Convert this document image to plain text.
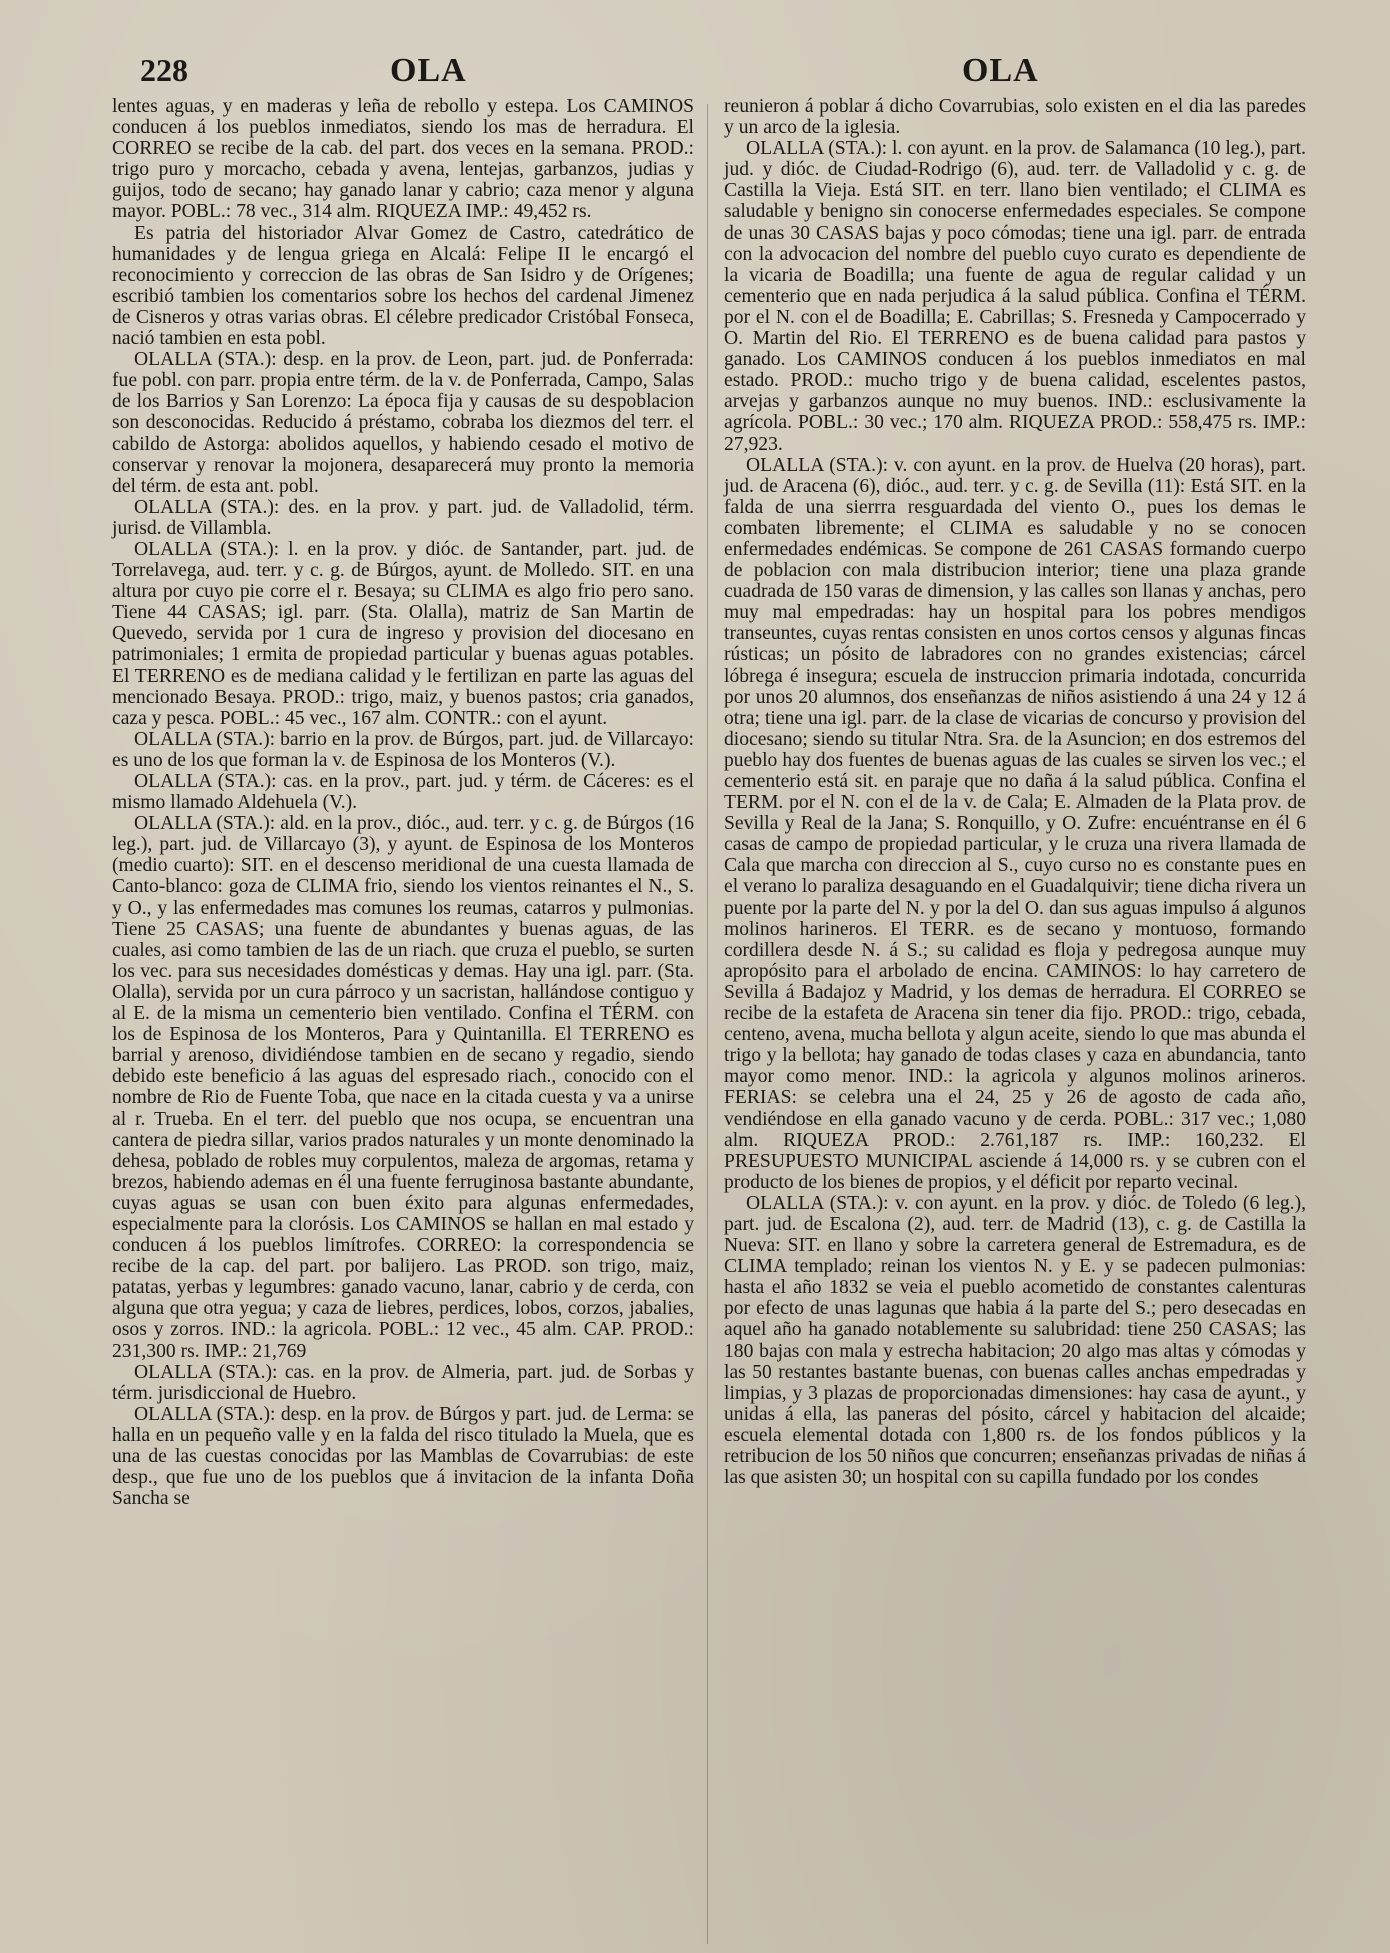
228	OLA	OLA

lentes aguas, y en maderas y leña de rebollo y estepa. Los CAMINOS conducen á los pueblos inmediatos, siendo los mas de herradura. El CORREO se recibe de la cab. del part. dos veces en la semana. PROD.: trigo puro y morcacho, cebada y avena, lentejas, garbanzos, judias y guijos, todo de secano; hay ganado lanar y cabrio; caza menor y alguna mayor. POBL.: 78 vec., 314 alm. RIQUEZA IMP.: 49,452 rs.

Es patria del historiador Alvar Gomez de Castro, catedrático de humanidades y de lengua griega en Alcalá: Felipe II le encargó el reconocimiento y correccion de las obras de San Isidro y de Orígenes; escribió tambien los comentarios sobre los hechos del cardenal Jimenez de Cisneros y otras varias obras. El célebre predicador Cristóbal Fonseca, nació tambien en esta pobl.

OLALLA (STA.): desp. en la prov. de Leon, part. jud. de Ponferrada: fue pobl. con parr. propia entre térm. de la v. de Ponferrada, Campo, Salas de los Barrios y San Lorenzo: La época fija y causas de su despoblacion son desconocidas. Reducido á préstamo, cobraba los diezmos del terr. el cabildo de Astorga: abolidos aquellos, y habiendo cesado el motivo de conservar y renovar la mojonera, desaparecerá muy pronto la memoria del térm. de esta ant. pobl.

OLALLA (STA.): des. en la prov. y part. jud. de Valladolid, térm. jurisd. de Villambla.

OLALLA (STA.): l. en la prov. y dióc. de Santander, part. jud. de Torrelavega, aud. terr. y c. g. de Búrgos, ayunt. de Molledo. SIT. en una altura por cuyo pie corre el r. Besaya; su CLIMA es algo frio pero sano. Tiene 44 CASAS; igl. parr. (Sta. Olalla), matriz de San Martin de Quevedo, servida por 1 cura de ingreso y provision del diocesano en patrimoniales; 1 ermita de propiedad particular y buenas aguas potables. El TERRENO es de mediana calidad y le fertilizan en parte las aguas del mencionado Besaya. PROD.: trigo, maiz, y buenos pastos; cria ganados, caza y pesca. POBL.: 45 vec., 167 alm. CONTR.: con el ayunt.

OLALLA (STA.): barrio en la prov. de Búrgos, part. jud. de Villarcayo: es uno de los que forman la v. de Espinosa de los Monteros (V.).

OLALLA (STA.): cas. en la prov., part. jud. y térm. de Cáceres: es el mismo llamado Aldehuela (V.).

OLALLA (STA.): ald. en la prov., dióc., aud. terr. y c. g. de Búrgos (16 leg.), part. jud. de Villarcayo (3), y ayunt. de Espinosa de los Monteros (medio cuarto): SIT. en el descenso meridional de una cuesta llamada de Canto-blanco: goza de CLIMA frio, siendo los vientos reinantes el N., S. y O., y las enfermedades mas comunes los reumas, catarros y pulmonias. Tiene 25 CASAS; una fuente de abundantes y buenas aguas, de las cuales, asi como tambien de las de un riach. que cruza el pueblo, se surten los vec. para sus necesidades domésticas y demas. Hay una igl. parr. (Sta. Olalla), servida por un cura párroco y un sacristan, hallándose contiguo y al E. de la misma un cementerio bien ventilado. Confina el TÉRM. con los de Espinosa de los Monteros, Para y Quintanilla. El TERRENO es barrial y arenoso, dividiéndose tambien en de secano y regadio, siendo debido este beneficio á las aguas del espresado riach., conocido con el nombre de Rio de Fuente Toba, que nace en la citada cuesta y va a unirse al r. Trueba. En el terr. del pueblo que nos ocupa, se encuentran una cantera de piedra sillar, varios prados naturales y un monte denominado la dehesa, poblado de robles muy corpulentos, maleza de argomas, retama y brezos, habiendo ademas en él una fuente ferruginosa bastante abundante, cuyas aguas se usan con buen éxito para algunas enfermedades, especialmente para la clorósis. Los CAMINOS se hallan en mal estado y conducen á los pueblos limítrofes. CORREO: la correspondencia se recibe de la cap. del part. por balijero. Las PROD. son trigo, maiz, patatas, yerbas y legumbres: ganado vacuno, lanar, cabrio y de cerda, con alguna que otra yegua; y caza de liebres, perdices, lobos, corzos, jabalies, osos y zorros. IND.: la agricola. POBL.: 12 vec., 45 alm. CAP. PROD.: 231,300 rs. IMP.: 21,769

OLALLA (STA.): cas. en la prov. de Almeria, part. jud. de Sorbas y térm. jurisdiccional de Huebro.

OLALLA (STA.): desp. en la prov. de Búrgos y part. jud. de Lerma: se halla en un pequeño valle y en la falda del risco titulado la Muela, que es una de las cuestas conocidas por las Mamblas de Covarrubias: de este desp., que fue uno de los pueblos que á invitacion de la infanta Doña Sancha se

reunieron á poblar á dicho Covarrubias, solo existen en el dia las paredes y un arco de la iglesia.

OLALLA (STA.): l. con ayunt. en la prov. de Salamanca (10 leg.), part. jud. y dióc. de Ciudad-Rodrigo (6), aud. terr. de Valladolid y c. g. de Castilla la Vieja. Está SIT. en terr. llano bien ventilado; el CLIMA es saludable y benigno sin conocerse enfermedades especiales. Se compone de unas 30 CASAS bajas y poco cómodas; tiene una igl. parr. de entrada con la advocacion del nombre del pueblo cuyo curato es dependiente de la vicaria de Boadilla; una fuente de agua de regular calidad y un cementerio que en nada perjudica á la salud pública. Confina el TÉRM. por el N. con el de Boadilla; E. Cabrillas; S. Fresneda y Campocerrado y O. Martin del Rio. El TERRENO es de buena calidad para pastos y ganado. Los CAMINOS conducen á los pueblos inmediatos en mal estado. PROD.: mucho trigo y de buena calidad, escelentes pastos, arvejas y garbanzos aunque no muy buenos. IND.: esclusivamente la agrícola. POBL.: 30 vec.; 170 alm. RIQUEZA PROD.: 558,475 rs. IMP.: 27,923.

OLALLA (STA.): v. con ayunt. en la prov. de Huelva (20 horas), part. jud. de Aracena (6), dióc., aud. terr. y c. g. de Sevilla (11): Está SIT. en la falda de una sierrra resguardada del viento O., pues los demas le combaten libremente; el CLIMA es saludable y no se conocen enfermedades endémicas. Se compone de 261 CASAS formando cuerpo de poblacion con mala distribucion interior; tiene una plaza grande cuadrada de 150 varas de dimension, y las calles son llanas y anchas, pero muy mal empedradas: hay un hospital para los pobres mendigos transeuntes, cuyas rentas consisten en unos cortos censos y algunas fincas rústicas; un pósito de labradores con no grandes existencias; cárcel lóbrega é insegura; escuela de instruccion primaria indotada, concurrida por unos 20 alumnos, dos enseñanzas de niños asistiendo á una 24 y 12 á otra; tiene una igl. parr. de la clase de vicarias de concurso y provision del diocesano; siendo su titular Ntra. Sra. de la Asuncion; en dos estremos del pueblo hay dos fuentes de buenas aguas de las cuales se sirven los vec.; el cementerio está sit. en paraje que no daña á la salud pública. Confina el TERM. por el N. con el de la v. de Cala; E. Almaden de la Plata prov. de Sevilla y Real de la Jana; S. Ronquillo, y O. Zufre: encuéntranse en él 6 casas de campo de propiedad particular, y le cruza una rivera llamada de Cala que marcha con direccion al S., cuyo curso no es constante pues en el verano lo paraliza desaguando en el Guadalquivir; tiene dicha rivera un puente por la parte del N. y por la del O. dan sus aguas impulso á algunos molinos harineros. El TERR. es de secano y montuoso, formando cordillera desde N. á S.; su calidad es floja y pedregosa aunque muy apropósito para el arbolado de encina. CAMINOS: lo hay carretero de Sevilla á Badajoz y Madrid, y los demas de herradura. El CORREO se recibe de la estafeta de Aracena sin tener dia fijo. PROD.: trigo, cebada, centeno, avena, mucha bellota y algun aceite, siendo lo que mas abunda el trigo y la bellota; hay ganado de todas clases y caza en abundancia, tanto mayor como menor. IND.: la agricola y algunos molinos arineros. FERIAS: se celebra una el 24, 25 y 26 de agosto de cada año, vendiéndose en ella ganado vacuno y de cerda. POBL.: 317 vec.; 1,080 alm. RIQUEZA PROD.: 2.761,187 rs. IMP.: 160,232. El PRESUPUESTO MUNICIPAL asciende á 14,000 rs. y se cubren con el producto de los bienes de propios, y el déficit por reparto vecinal.

OLALLA (STA.): v. con ayunt. en la prov. y dióc. de Toledo (6 leg.), part. jud. de Escalona (2), aud. terr. de Madrid (13), c. g. de Castilla la Nueva: SIT. en llano y sobre la carretera general de Estremadura, es de CLIMA templado; reinan los vientos N. y E. y se padecen pulmonias: hasta el año 1832 se veia el pueblo acometido de constantes calenturas por efecto de unas lagunas que habia á la parte del S.; pero desecadas en aquel año ha ganado notablemente su salubridad: tiene 250 CASAS; las 180 bajas con mala y estrecha habitacion; 20 algo mas altas y cómodas y las 50 restantes bastante buenas, con buenas calles anchas empedradas y limpias, y 3 plazas de proporcionadas dimensiones: hay casa de ayunt., y unidas á ella, las paneras del pósito, cárcel y habitacion del alcaide; escuela elemental dotada con 1,800 rs. de los fondos públicos y la retribucion de los 50 niños que concurren; enseñanzas privadas de niñas á las que asisten 30; un hospital con su capilla fundado por los condes
